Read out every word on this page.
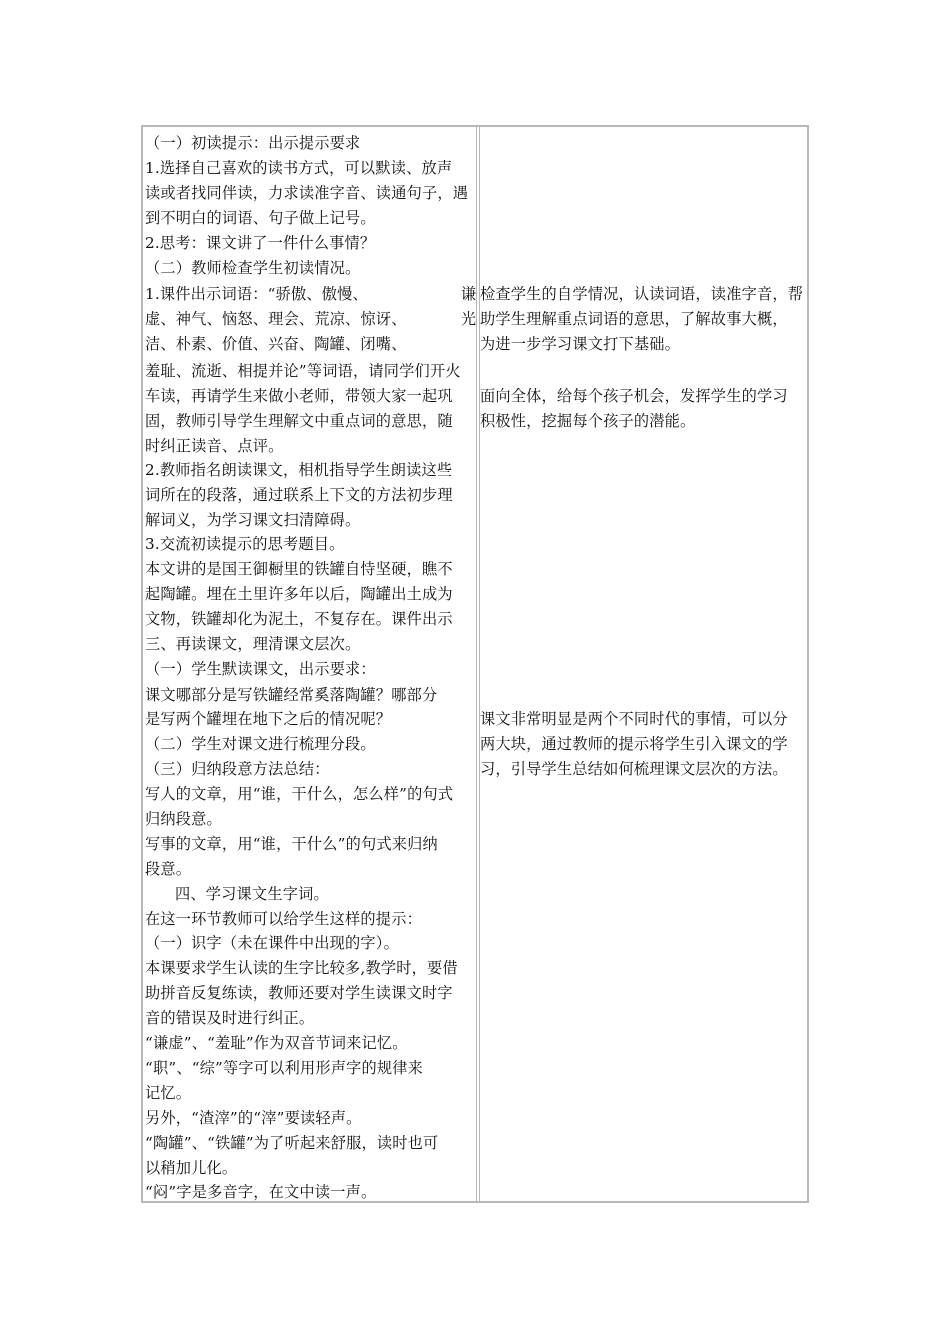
（一）初读提示：出示提示要求
1.选择自己喜欢的读书方式，可以默读、放声
读或者找同伴读，力求读准字音、读通句子，遇
到不明白的词语、句子做上记号。
2.思考：课文讲了一件什么事情？
（二）教师检查学生初读情况。
1.课件出示词语：“骄傲、傲慢、	谦
虚、神气、恼怒、理会、荒凉、惊讶、	光
洁、朴素、价值、兴奋、陶罐、闭嘴、
羞耻、流逝、相提并论”等词语，请同学们开火
车读，再请学生来做小老师，带领大家一起巩
固，教师引导学生理解文中重点词的意思，随
时纠正读音、点评。
2.教师指名朗读课文，相机指导学生朗读这些
词所在的段落，通过联系上下文的方法初步理
解词义，为学习课文扫清障碍。
3.交流初读提示的思考题目。
本文讲的是国王御橱里的铁罐自恃坚硬，瞧不
起陶罐。埋在土里许多年以后，陶罐出土成为
文物，铁罐却化为泥土，不复存在。课件出示
三、再读课文，理清课文层次。
（一）学生默读课文，出示要求：
课文哪部分是写铁罐经常奚落陶罐？哪部分
是写两个罐埋在地下之后的情况呢？
（二）学生对课文进行梳理分段。
（三）归纳段意方法总结：
写人的文章，用“谁，干什么，怎么样”的句式
归纳段意。
写事的文章，用“谁，干什么”的句式来归纳
段意。
四、学习课文生字词。
在这一环节教师可以给学生这样的提示：
（一）识字（未在课件中出现的字）。
本课要求学生认读的生字比较多,教学时，要借
助拼音反复练读，教师还要对学生读课文时字
音的错误及时进行纠正。
“谦虚”、“羞耻”作为双音节词来记忆。
“职”、“综”等字可以利用形声字的规律来
记忆。
另外，“渣滓”的“滓”要读轻声。
“陶罐”、“铁罐”为了听起来舒服，读时也可
以稍加儿化。
“闷”字是多音字，在文中读一声。
检查学生的自学情况，认读词语，读准字音，帮
助学生理解重点词语的意思，了解故事大概，
为进一步学习课文打下基础。
面向全体，给每个孩子机会，发挥学生的学习
积极性，挖掘每个孩子的潜能。
课文非常明显是两个不同时代的事情，可以分
两大块，通过教师的提示将学生引入课文的学
习，引导学生总结如何梳理课文层次的方法。
